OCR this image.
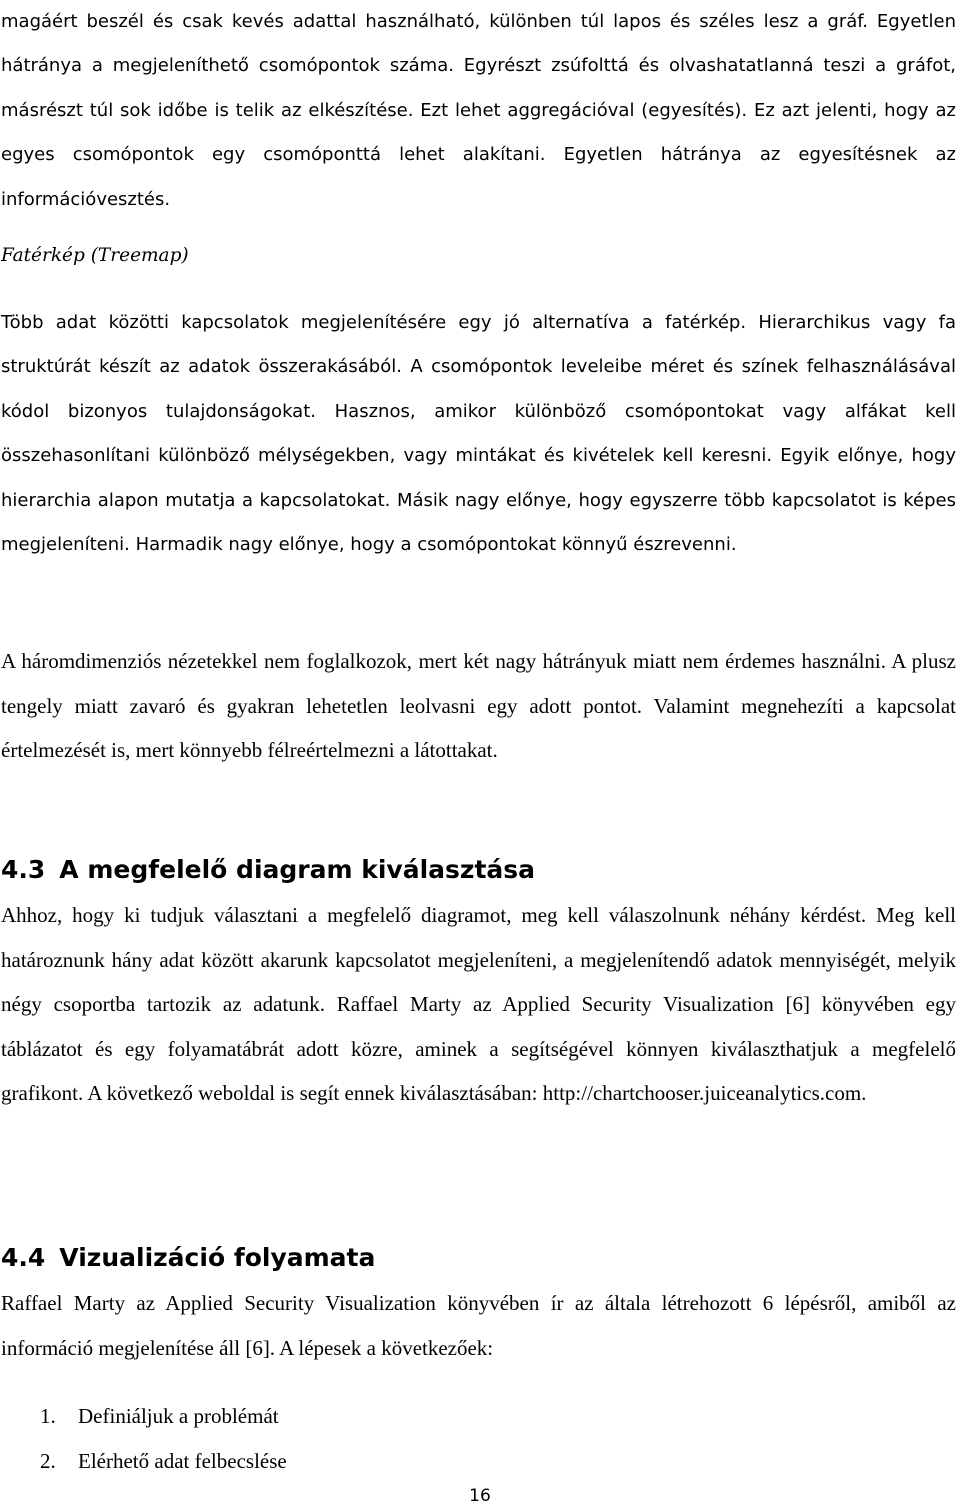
magáért beszél és csak kevés adattal használható, különben túl lapos és széles lesz a gráf. Egyetlen hátránya a megjeleníthető csomópontok száma. Egyrészt zsúfolttá és olvashatatlanná teszi a gráfot, másrészt túl sok időbe is telik az elkészítése. Ezt lehet aggregációval (egyesítés). Ez azt jelenti, hogy az egyes csomópontok egy csomóponttá lehet alakítani. Egyetlen hátránya az egyesítésnek az információvesztés.

Fatérkép (Treemap)

Több adat közötti kapcsolatok megjelenítésére egy jó alternatíva a fatérkép. Hierarchikus vagy fa struktúrát készít az adatok összerakásából. A csomópontok leveleibe méret és színek felhasználásával kódol bizonyos tulajdonságokat. Hasznos, amikor különböző csomópontokat vagy alfákat kell összehasonlítani különböző mélységekben, vagy mintákat és kivételek kell keresni. Egyik előnye, hogy hierarchia alapon mutatja a kapcsolatokat. Másik nagy előnye, hogy egyszerre több kapcsolatot is képes megjeleníteni. Harmadik nagy előnye, hogy a csomópontokat könnyű észrevenni.

A háromdimenziós nézetekkel nem foglalkozok, mert két nagy hátrányuk miatt nem érdemes használni. A plusz tengely miatt zavaró és gyakran lehetetlen leolvasni egy adott pontot. Valamint megnehezíti a kapcsolat értelmezését is, mert könnyebb félreértelmezni a látottakat.

4.3 A megfelelő diagram kiválasztása

Ahhoz, hogy ki tudjuk választani a megfelelő diagramot, meg kell válaszolnunk néhány kérdést. Meg kell határoznunk hány adat között akarunk kapcsolatot megjeleníteni, a megjelenítendő adatok mennyiségét, melyik négy csoportba tartozik az adatunk. Raffael Marty az Applied Security Visualization [6] könyvében egy táblázatot és egy folyamatábrát adott közre, aminek a segítségével könnyen kiválaszthatjuk a megfelelő grafikont. A következő weboldal is segít ennek kiválasztásában: http://chartchooser.juiceanalytics.com.

4.4 Vizualizáció folyamata

Raffael Marty az Applied Security Visualization könyvében ír az általa létrehozott 6 lépésről, amiből az információ megjelenítése áll [6]. A lépesek a következőek:

1. Definiáljuk a problémát
2. Elérhető adat felbecslése
16
